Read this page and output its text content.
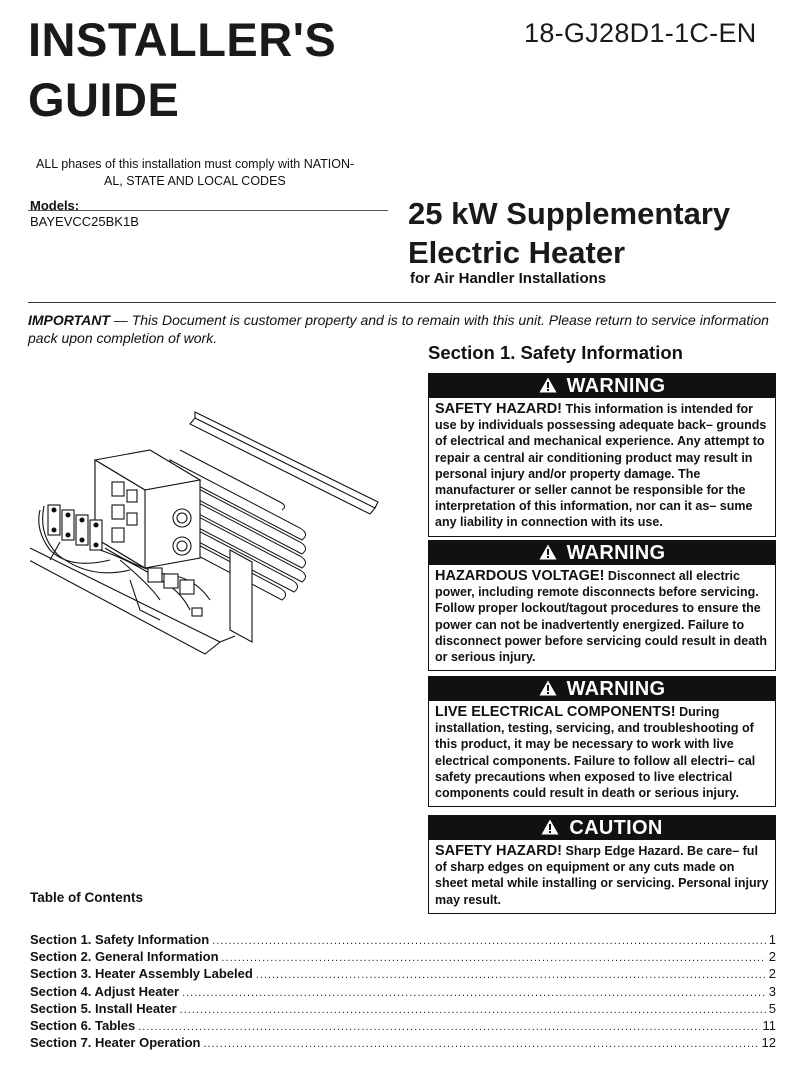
INSTALLER'S
GUIDE
18-GJ28D1-1C-EN
ALL phases of this installation must comply with NATION-
AL, STATE AND LOCAL CODES
Models:
BAYEVCC25BK1B	25 kW Supplementary
Electric Heater
for Air Handler Installations
IMPORTANT — This Document is customer property and is to remain with this unit. Please return to service information pack upon completion of work.
Section 1. Safety Information
WARNING
SAFETY HAZARD! This information is intended for use by individuals possessing adequate back– grounds of electrical and mechanical experience. Any attempt to repair a central air conditioning product may result in personal injury and/or property damage. The manufacturer or seller cannot be responsible for the interpretation of this information, nor can it as– sume any liability in connection with its use.
WARNING
HAZARDOUS VOLTAGE! Disconnect all electric power, including remote disconnects before servicing. Follow proper lockout/tagout procedures to ensure the power can not be inadvertently energized. Failure to disconnect power before servicing could result in death or serious injury.
WARNING
LIVE ELECTRICAL COMPONENTS! During installation, testing, servicing, and troubleshooting of this product, it may be necessary to work with live electrical components. Failure to follow all electri– cal safety precautions when exposed to live electrical components could result in death or serious injury.
CAUTION
SAFETY HAZARD! Sharp Edge Hazard. Be care– ful of sharp edges on equipment or any cuts made on sheet metal while installing or servicing. Personal injury may result.
Table of Contents
Section 1. Safety Information .....	1
Section 2. General Information .....	2
Section 3. Heater Assembly Labeled .....	2
Section 4. Adjust Heater .....	3
Section 5. Install Heater .....	5
Section 6. Tables .....	11
Section 7. Heater Operation .....	12
